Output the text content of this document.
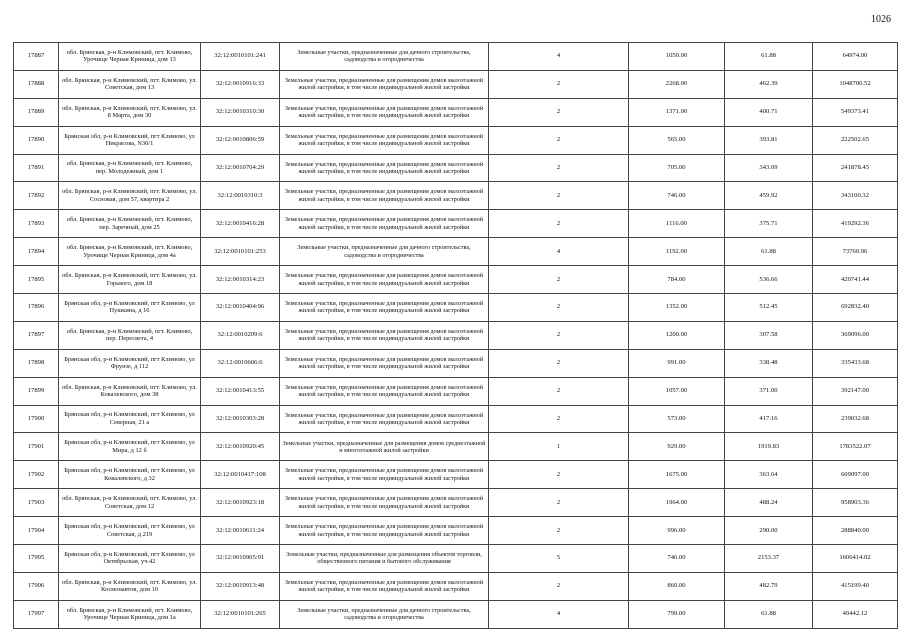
1026
17887	обл. Брянская, р-н Климовский, пгт. Климово, Урочище Черная Криница, дом 13	32:12:0010101:241	Земельные участки, предназначенные для дачного строительства, садоводства и огородничества	4	1050.00	61.88	64974.00
17888	обл. Брянская, р-н Климовский, пгт. Климово, ул. Советская, дом 13	32:12:0010916:33	Земельные участки, предназначенные для размещения домов малоэтажной жилой застройки, в том числе индивидуальной жилой застройки	2	2268.00	462.39	1048700.52
17889	обл. Брянская, р-н Климовский, пгт. Климово, ул. 8 Марта, дом 30	32:12:0010310:30	Земельные участки, предназначенные для размещения домов малоэтажной жилой застройки, в том числе индивидуальной жилой застройки	2	1371.00	400.71	549373.41
17890	Брянская обл, р-н Климовский, пгт Климово, ул Некрасова, N30/1	32:12:0010806:59	Земельные участки, предназначенные для размещения домов малоэтажной жилой застройки, в том числе индивидуальной жилой застройки	2	565.00	393.81	222502.65
17891	обл. Брянская, р-н Климовский, пгт. Климово, пер. Молодежный, дом 1	32:12:0010704:29	Земельные участки, предназначенные для размещения домов малоэтажной жилой застройки, в том числе индивидуальной жилой застройки	2	705.00	343.09	241878.45
17892	обл. Брянская, р-н Климовский, пгт. Климово, ул. Сосновая, дом 57, квартира 2	32:12:0010310:3	Земельные участки, предназначенные для размещения домов малоэтажной жилой застройки, в том числе индивидуальной жилой застройки	2	746.00	459.92	343100.32
17893	обл. Брянская, р-н Климовский, пгт. Климово, пер. Заречный, дом 25	32:12:0010416:28	Земельные участки, предназначенные для размещения домов малоэтажной жилой застройки, в том числе индивидуальной жилой застройки	2	1116.00	375.71	419292.36
17894	обл. Брянская, р-н Климовский, пгт. Климово, Урочище Черная Криница, дом 4а	32:12:0010101:253	Земельные участки, предназначенные для дачного строительства, садоводства и огородничества	4	1192.00	61.88	73760.96
17895	обл. Брянская, р-н Климовский, пгт. Климово, ул. Горького, дом 18	32:12:0010314:23	Земельные участки, предназначенные для размещения домов малоэтажной жилой застройки, в том числе индивидуальной жилой застройки	2	784.00	536.66	420741.44
17896	Брянская обл, р-н Климовский, пгт Климово, ул Пушкина, д 16	32:12:0010404:96	Земельные участки, предназначенные для размещения домов малоэтажной жилой застройки, в том числе индивидуальной жилой застройки	2	1352.00	512.45	692832.40
17897	обл. Брянская, р-н Климовский, пгт. Климово, пер. Пересвета, 4	32:12:0010209:6	Земельные участки, предназначенные для размещения домов малоэтажной жилой застройки, в том числе индивидуальной жилой застройки	2	1200.00	307.58	369096.00
17898	Брянская обл, р-н Климовский, пгт Климово, ул Фрунзе, д 112	32:12:0010606:6	Земельные участки, предназначенные для размещения домов малоэтажной жилой застройки, в том числе индивидуальной жилой застройки	2	991.00	338.48	335433.68
17899	обл. Брянская, р-н Климовский, пгт. Климово, ул. Ковалевского, дом 38	32:12:0010413:55	Земельные участки, предназначенные для размещения домов малоэтажной жилой застройки, в том числе индивидуальной жилой застройки	2	1057.00	371.00	392147.00
17900	Брянская обл, р-н Климовский, пгт Климово, ул Северная, 21 а	32:12:0010303:28	Земельные участки, предназначенные для размещения домов малоэтажной жилой застройки, в том числе индивидуальной жилой застройки	2	573.00	417.16	239032.68
17901	Брянская обл, р-н Климовский, пгт Климово, ул Мира, д 12 б	32:12:0010920:45	Земельные участки, предназначенные для размещения домов среднеэтажной и многоэтажной жилой застройки	1	929.00	1919.83	1783522.07
17902	Брянская обл, р-н Климовский, пгт Климово, ул Ковалевского, д 32	32:12:0010417:108	Земельные участки, предназначенные для размещения домов малоэтажной жилой застройки, в том числе индивидуальной жилой застройки	2	1675.00	363.64	609097.00
17903	обл. Брянская, р-н Климовский, пгт. Климово, ул. Советская, дом 12	32:12:0010923:18	Земельные участки, предназначенные для размещения домов малоэтажной жилой застройки, в том числе индивидуальной жилой застройки	2	1964.00	488.24	958903.36
17904	Брянская обл, р-н Климовский, пгт Климово, ул Советская, д 219	32:12:0010611:24	Земельные участки, предназначенные для размещения домов малоэтажной жилой застройки, в том числе индивидуальной жилой застройки	2	996.00	290.00	288840.00
17905	Брянская обл, р-н Климовский, пгт Климово, ул Октябрьская, уч.42	32:12:0010905:91	Земельные участки, предназначенные для размещения объектов торговли, общественного питания и бытового обслуживания	5	746.00	2153.37	1606414.02
17906	обл. Брянская, р-н Климовский, пгт. Климово, ул. Космонавтов, дом 10	32:12:0010913:48	Земельные участки, предназначенные для размещения домов малоэтажной жилой застройки, в том числе индивидуальной жилой застройки	2	860.00	482.79	415199.40
17907	обл. Брянская, р-н Климовский, пгт. Климово, Урочище Черная Криница, дом 1а	32:12:0010101:265	Земельные участки, предназначенные для дачного строительства, садоводства и огородничества	4	799.00	61.88	49442.12
